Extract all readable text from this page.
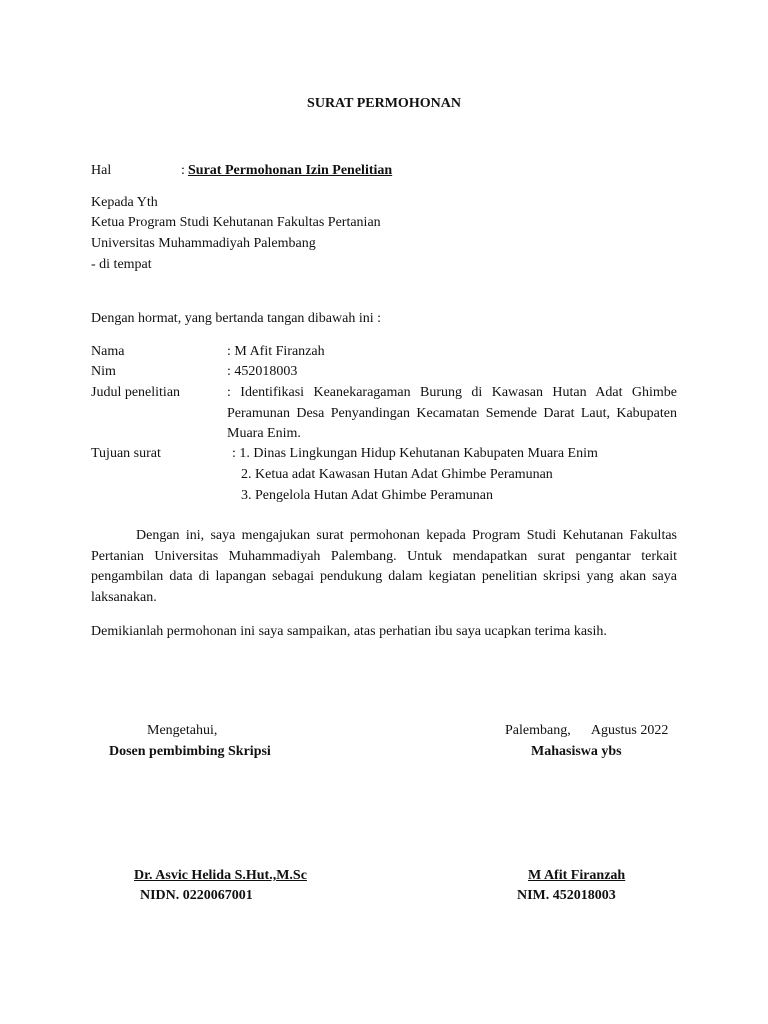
SURAT PERMOHONAN
Hal	: Surat Permohonan Izin Penelitian
Kepada Yth
Ketua Program Studi Kehutanan Fakultas Pertanian
Universitas Muhammadiyah Palembang
- di tempat
Dengan hormat, yang bertanda tangan dibawah ini :
Nama	: M Afit Firanzah
Nim	: 452018003
Judul penelitian	: Identifikasi Keanekaragaman Burung di Kawasan Hutan Adat Ghimbe Peramunan Desa Penyandingan Kecamatan Semende Darat Laut, Kabupaten Muara Enim.
Tujuan surat	: 1. Dinas Lingkungan Hidup Kehutanan Kabupaten Muara Enim
2. Ketua adat Kawasan Hutan Adat Ghimbe Peramunan
3. Pengelola Hutan Adat Ghimbe Peramunan
Dengan ini, saya mengajukan surat permohonan kepada Program Studi Kehutanan Fakultas Pertanian Universitas Muhammadiyah Palembang. Untuk mendapatkan surat pengantar terkait pengambilan data di lapangan sebagai pendukung dalam kegiatan penelitian skripsi yang akan saya laksanakan.
Demikianlah permohonan ini saya sampaikan, atas perhatian ibu saya ucapkan terima kasih.
Mengetahui,
Dosen pembimbing Skripsi
Dr. Asvic Helida S.Hut.,M.Sc
NIDN. 0220067001
Palembang,      Agustus 2022
Mahasiswa ybs
M Afit Firanzah
NIM. 452018003
